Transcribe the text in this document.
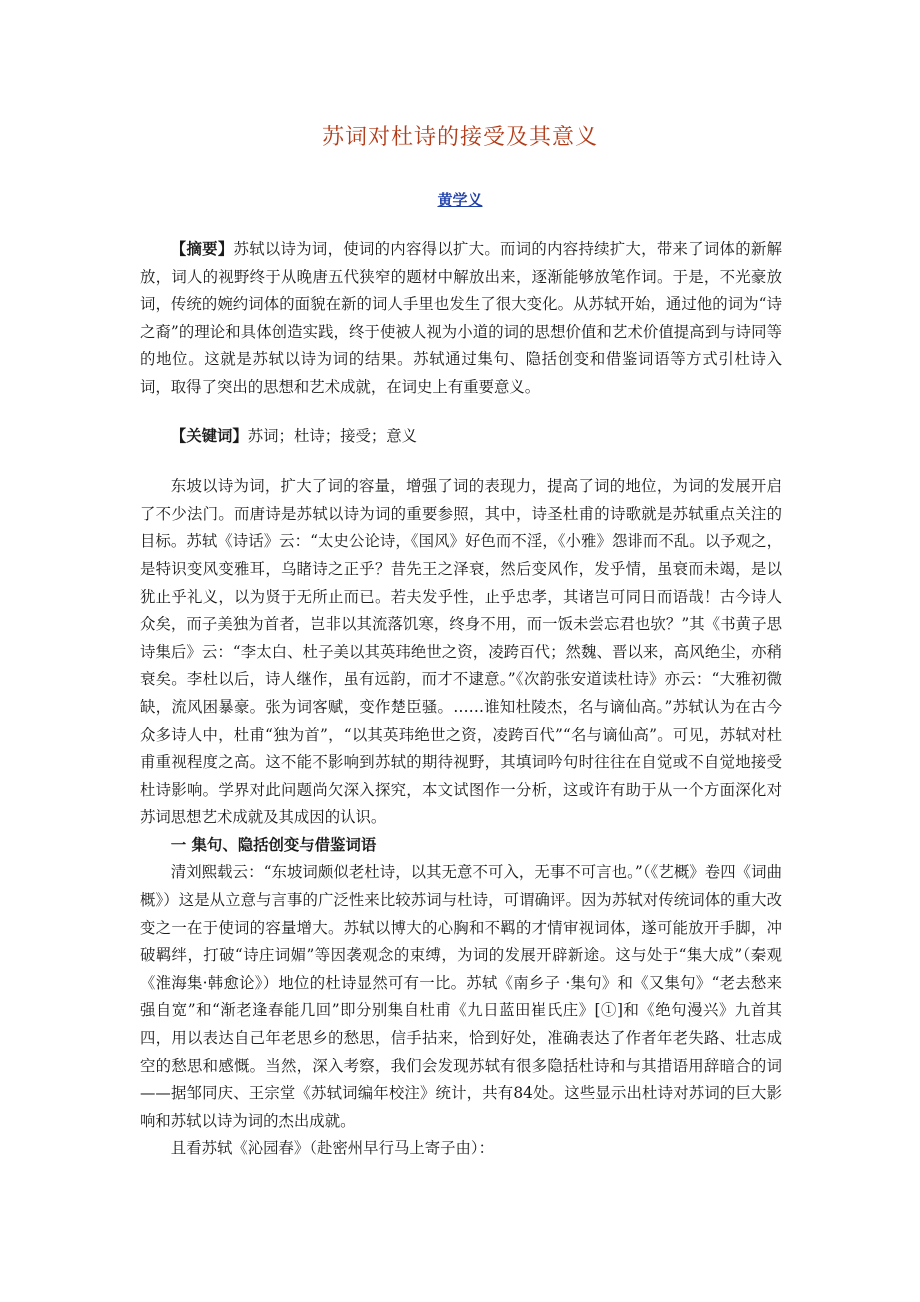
苏词对杜诗的接受及其意义

黄学义

【摘要】苏轼以诗为词，使词的内容得以扩大。而词的内容持续扩大，带来了词体的新解放，词人的视野终于从晚唐五代狭窄的题材中解放出来，逐渐能够放笔作词。于是，不光豪放词，传统的婉约词体的面貌在新的词人手里也发生了很大变化。从苏轼开始，通过他的词为“诗之裔”的理论和具体创造实践，终于使被人视为小道的词的思想价值和艺术价值提高到与诗同等的地位。这就是苏轼以诗为词的结果。苏轼通过集句、隐括创变和借鉴词语等方式引杜诗入词，取得了突出的思想和艺术成就，在词史上有重要意义。

【关键词】苏词；杜诗；接受；意义

东坡以诗为词，扩大了词的容量，增强了词的表现力，提高了词的地位，为词的发展开启了不少法门。而唐诗是苏轼以诗为词的重要参照，其中，诗圣杜甫的诗歌就是苏轼重点关注的目标。苏轼《诗话》云：“太史公论诗，《国风》好色而不淫，《小雅》怨诽而不乱。以予观之，是特识变风变雅耳，乌睹诗之正乎？昔先王之泽衰，然后变风作，发乎情，虽衰而未竭，是以犹止乎礼义，以为贤于无所止而已。若夫发乎性，止乎忠孝，其诸岂可同日而语哉！古今诗人众矣，而子美独为首者，岂非以其流落饥寒，终身不用，而一饭未尝忘君也欤？”其《书黄子思诗集后》云：“李太白、杜子美以其英玮绝世之资，凌跨百代；然魏、晋以来，高风绝尘，亦稍衰矣。李杜以后，诗人继作，虽有远韵，而才不逮意。”《次韵张安道读杜诗》亦云：“大雅初微缺，流风困暴豪。张为词客赋，变作楚臣骚。……谁知杜陵杰，名与谪仙高。”苏轼认为在古今众多诗人中，杜甫“独为首”，“以其英玮绝世之资，凌跨百代”“名与谪仙高”。可见，苏轼对杜甫重视程度之高。这不能不影响到苏轼的期待视野，其填词吟句时往往在自觉或不自觉地接受杜诗影响。学界对此问题尚欠深入探究，本文试图作一分析，这或许有助于从一个方面深化对苏词思想艺术成就及其成因的认识。

一 集句、隐括创变与借鉴词语

清刘熙载云：“东坡词颇似老杜诗，以其无意不可入，无事不可言也。”（《艺概》卷四《词曲概》）这是从立意与言事的广泛性来比较苏词与杜诗，可谓确评。因为苏轼对传统词体的重大改变之一在于使词的容量增大。苏轼以博大的心胸和不羁的才情审视词体，遂可能放开手脚，冲破羁绊，打破“诗庄词媚”等因袭观念的束缚，为词的发展开辟新途。这与处于“集大成”（秦观《淮海集·韩愈论》）地位的杜诗显然可有一比。苏轼《南乡子 ·集句》和《又集句》“老去愁来强自宽”和“渐老逢春能几回”即分别集自杜甫《九日蓝田崔氏庄》[①]和《绝句漫兴》九首其四，用以表达自己年老思乡的愁思，信手拈来，恰到好处，准确表达了作者年老失路、壮志成空的愁思和感慨。当然，深入考察，我们会发现苏轼有很多隐括杜诗和与其措语用辞暗合的词——据邹同庆、王宗堂《苏轼词编年校注》统计，共有84处。这些显示出杜诗对苏词的巨大影响和苏轼以诗为词的杰出成就。

且看苏轼《沁园春》（赴密州早行马上寄子由）：
